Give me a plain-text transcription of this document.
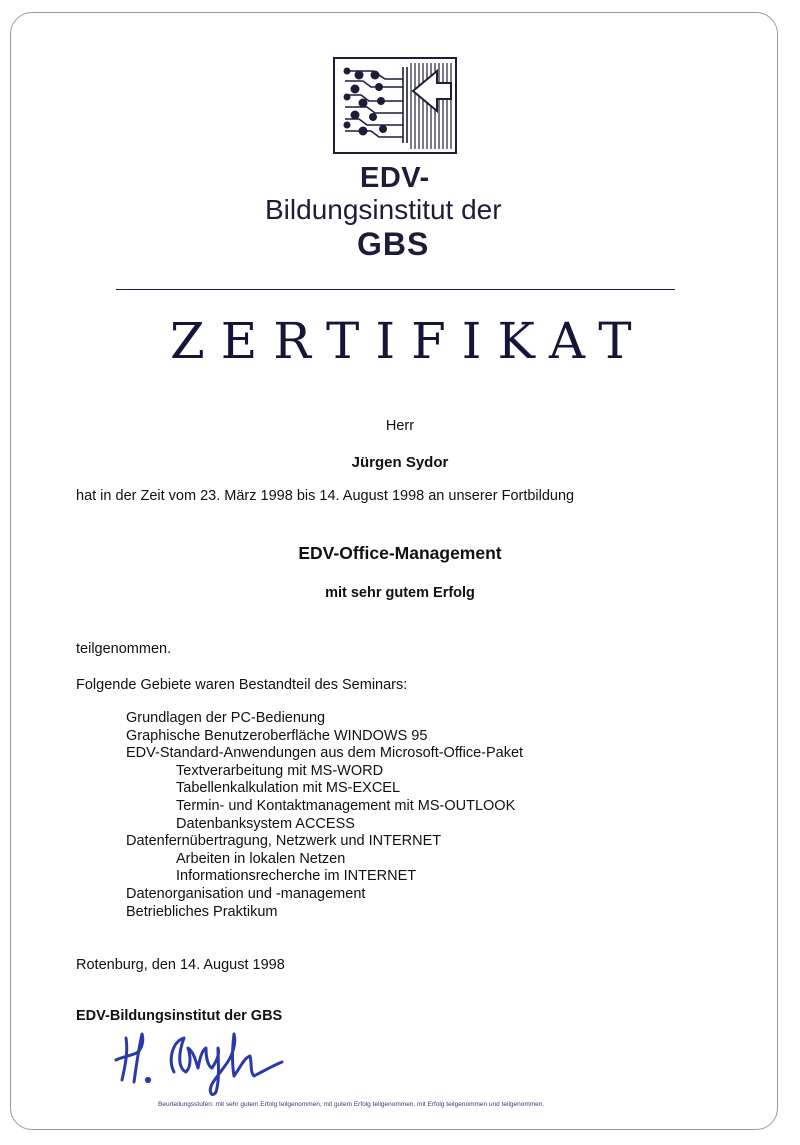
EDV-
Bildungsinstitut der
GBS
ZERTIFIKAT
Herr
Jürgen Sydor
hat in der Zeit vom 23. März 1998 bis 14. August 1998 an unserer Fortbildung
EDV-Office-Management
mit sehr gutem Erfolg
teilgenommen.
Folgende Gebiete waren Bestandteil des Seminars:
Grundlagen der PC-Bedienung
Graphische Benutzeroberfläche WINDOWS 95
EDV-Standard-Anwendungen aus dem Microsoft-Office-Paket
Textverarbeitung mit MS-WORD
Tabellenkalkulation mit MS-EXCEL
Termin- und Kontaktmanagement mit MS-OUTLOOK
Datenbanksystem ACCESS
Datenfernübertragung, Netzwerk und INTERNET
Arbeiten in lokalen Netzen
Informationsrecherche im INTERNET
Datenorganisation und -management
Betriebliches Praktikum
Rotenburg, den 14. August 1998
EDV-Bildungsinstitut der GBS
Beurteilungsstufen: mit sehr gutem Erfolg teilgenommen, mit gutem Erfolg teilgenommen, mit Erfolg teilgenommen und teilgenommen.
